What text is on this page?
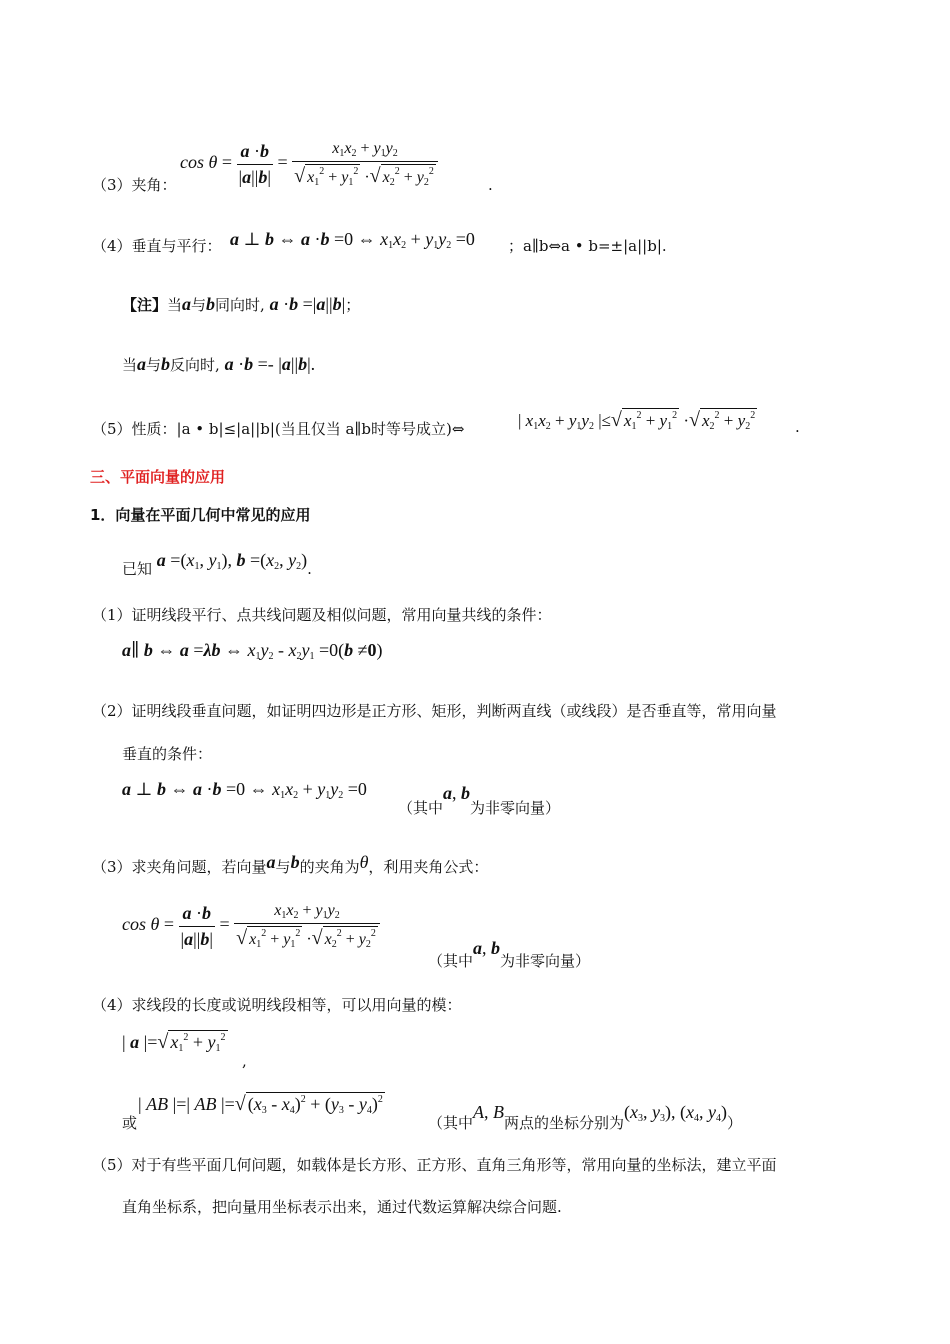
（3）夹角：
$\cos \theta = \frac{a \cdot b}{|a||b|} = \frac{x1x2 + y1y2}{√ x1^2 + y1^2 \cdot√ x2^2 + y2^2}$	.
（4）垂直与平行： a ⊥ b ⇔ a ·b =0 ⇔ x1x2 + y1y2 =0 ；a∥b⇔a • b=±|a||b|.
【注】当a与b同向时, a ·b =|a||b|；
当a与b反向时, a ·b =- |a||b|.
（5）性质：|a • b|≤|a||b|(当且仅当 a∥b时等号成立)⇔	| x1x2 + y1y2 |≤√ $x1^2 + y1^2$ ·√ $x2^2 + y2^2$
.
三、平面向量的应用
1．向量在平面几何中常见的应用
已知 a =(x1, y1), b =(x2, y2).
（1）证明线段平行、点共线问题及相似问题，常用向量共线的条件：
a∥ b ⇔ a =λb ⇔ x1y2 - x2y1 =0(b ≠0)
（2）证明线段垂直问题，如证明四边形是正方形、矩形，判断两直线（或线段）是否垂直等，常用向量
垂直的条件：
a ⊥ b ⇔ a ·b =0 ⇔ x1x2 + y1y2 =0
（其中a, b为非零向量）
（3）求夹角问题，若向量a与b的夹角为θ，利用夹角公式：
$\cos \theta = \frac{a \cdot b}{|a||b|} = \frac{x1x2 + y1y2}{√ x1^2 + y1^2 \cdot√ x2^2 + y2^2}$
（其中a, b为非零向量）
（4）求线段的长度或说明线段相等，可以用向量的模：
| a |=√ $x1^2 + y1^2$
,
或
| AB |=| AB |=√ (x3 - x4)$^2$ + (y3 - y4)$^2$
（其中A, B两点的坐标分别为(x3, y3), (x4, y4)）
（5）对于有些平面几何问题，如载体是长方形、正方形、直角三角形等，常用向量的坐标法，建立平面
直角坐标系，把向量用坐标表示出来，通过代数运算解决综合问题.
